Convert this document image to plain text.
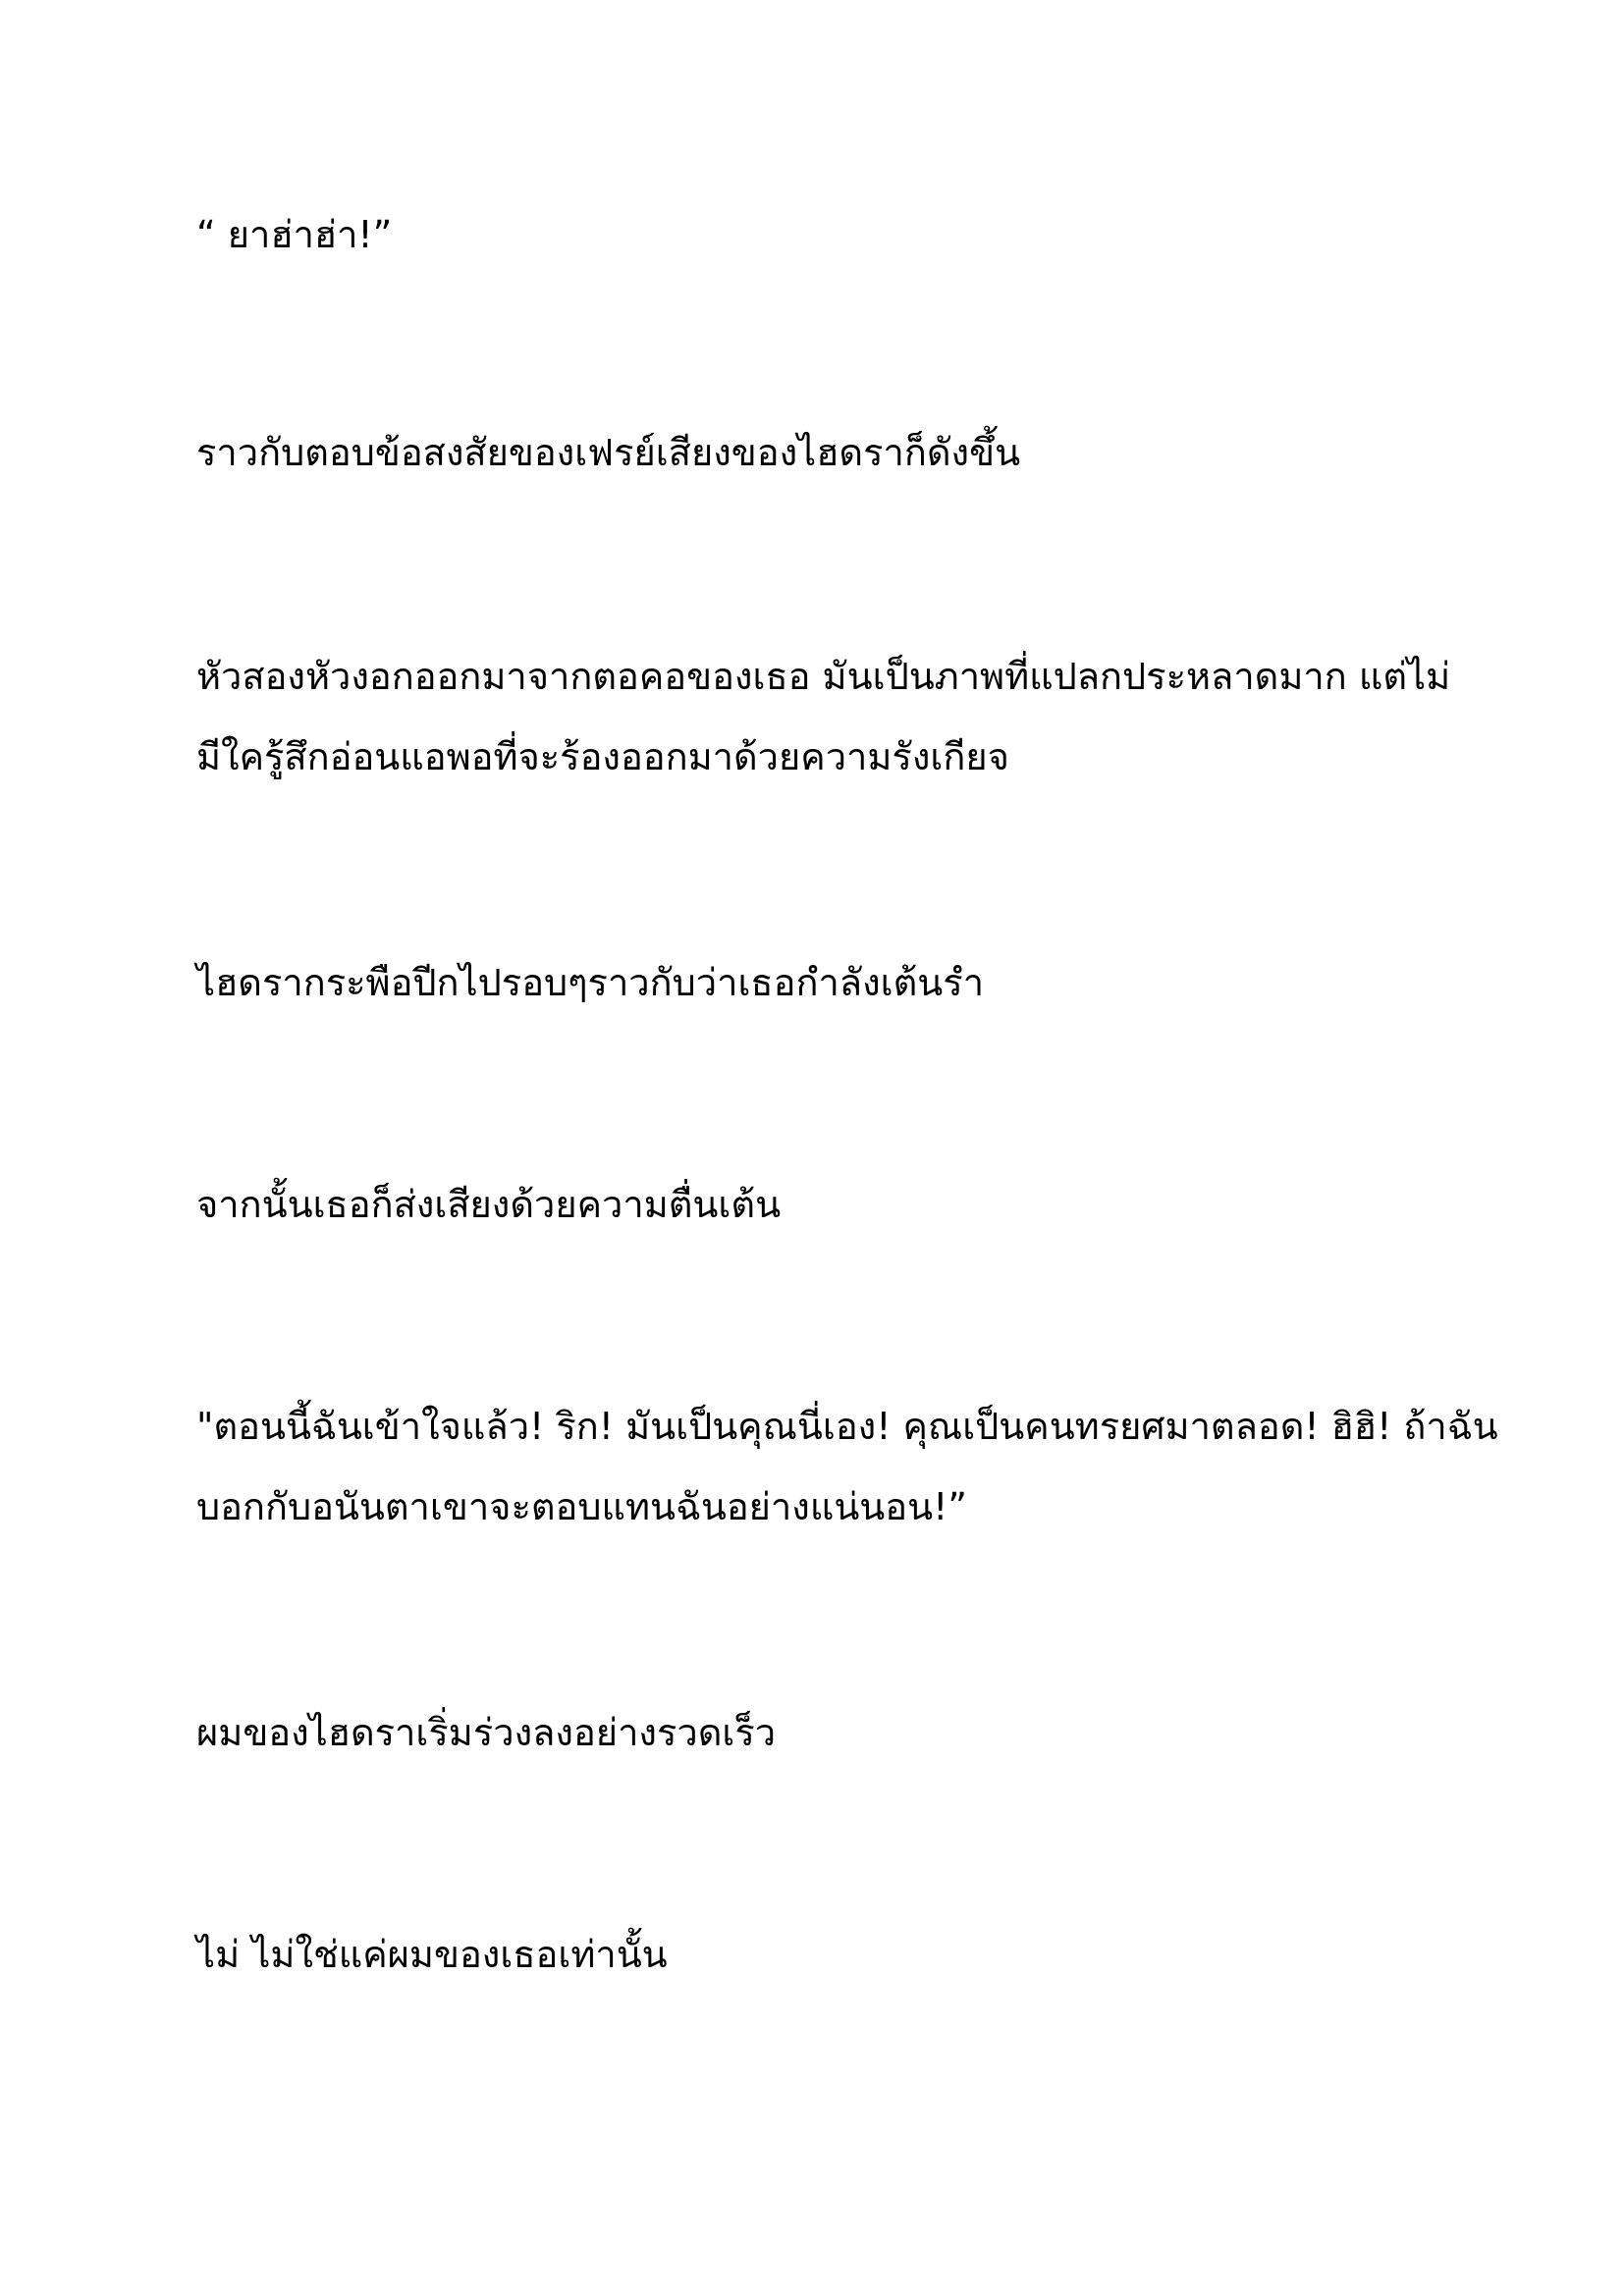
“ ยาฮ่าฮ่า!”

ราวกับตอบข้อสงสัยของเฟรย์เสียงของไฮดราก็ดังขึ้น

หัวสองหัวงอกออกมาจากตอคอของเธอ มันเป็นภาพที่แปลกประหลาดมาก แต่ไม่
มีใครู้สึกอ่อนแอพอที่จะร้องออกมาด้วยความรังเกียจ

ไฮดรากระพือปีกไปรอบๆราวกับว่าเธอกำลังเต้นรำ

จากนั้นเธอก็ส่งเสียงด้วยความตื่นเต้น

"ตอนนี้ฉันเข้าใจแล้ว! ริก! มันเป็นคุณนี่เอง! คุณเป็นคนทรยศมาตลอด! ฮิฮิ! ถ้าฉัน
บอกกับอนันตาเขาจะตอบแทนฉันอย่างแน่นอน!”

ผมของไฮดราเริ่มร่วงลงอย่างรวดเร็ว

ไม่ ไม่ใช่แค่ผมของเธอเท่านั้น
